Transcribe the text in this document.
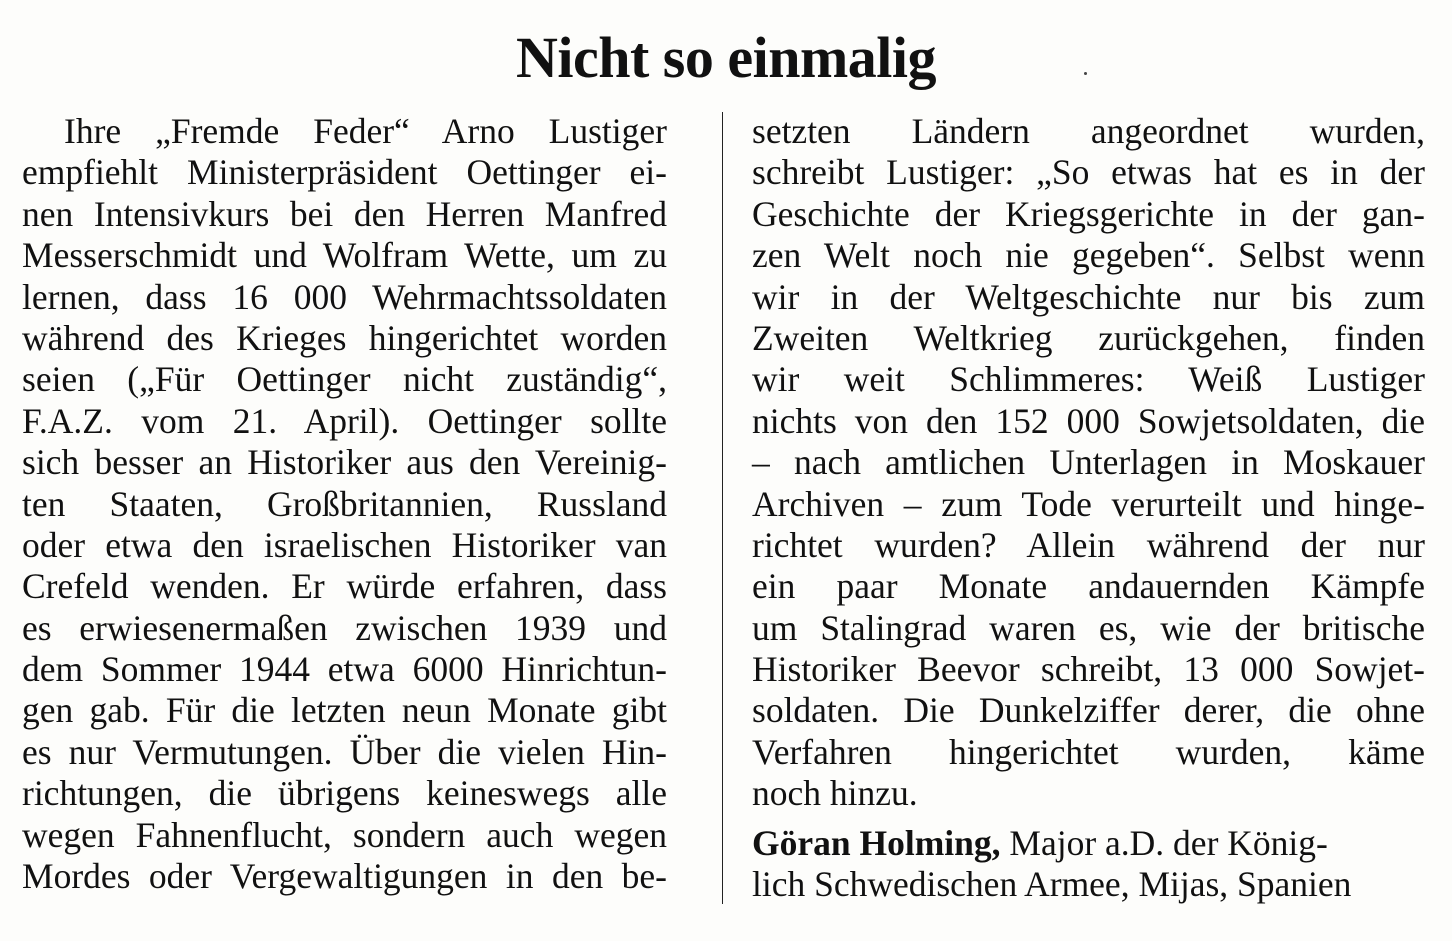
Nicht so einmalig
Ihre „Fremde Feder“ Arno Lustiger
empfiehlt Ministerpräsident Oettinger ei-
nen Intensivkurs bei den Herren Manfred
Messerschmidt und Wolfram Wette, um zu
lernen, dass 16 000 Wehrmachtssoldaten
während des Krieges hingerichtet worden
seien („Für Oettinger nicht zuständig“,
F.A.Z. vom 21. April). Oettinger sollte
sich besser an Historiker aus den Vereinig-
ten Staaten, Großbritannien, Russland
oder etwa den israelischen Historiker van
Crefeld wenden. Er würde erfahren, dass
es erwiesenermaßen zwischen 1939 und
dem Sommer 1944 etwa 6000 Hinrichtun-
gen gab. Für die letzten neun Monate gibt
es nur Vermutungen. Über die vielen Hin-
richtungen, die übrigens keineswegs alle
wegen Fahnenflucht, sondern auch wegen
Mordes oder Vergewaltigungen in den be-
setzten Ländern angeordnet wurden,
schreibt Lustiger: „So etwas hat es in der
Geschichte der Kriegsgerichte in der gan-
zen Welt noch nie gegeben“. Selbst wenn
wir in der Weltgeschichte nur bis zum
Zweiten Weltkrieg zurückgehen, finden
wir weit Schlimmeres: Weiß Lustiger
nichts von den 152 000 Sowjetsoldaten, die
– nach amtlichen Unterlagen in Moskauer
Archiven – zum Tode verurteilt und hinge-
richtet wurden? Allein während der nur
ein paar Monate andauernden Kämpfe
um Stalingrad waren es, wie der britische
Historiker Beevor schreibt, 13 000 Sowjet-
soldaten. Die Dunkelziffer derer, die ohne
Verfahren hingerichtet wurden, käme
noch hinzu.
Göran Holming, Major a.D. der König-
lich Schwedischen Armee, Mijas, Spanien
